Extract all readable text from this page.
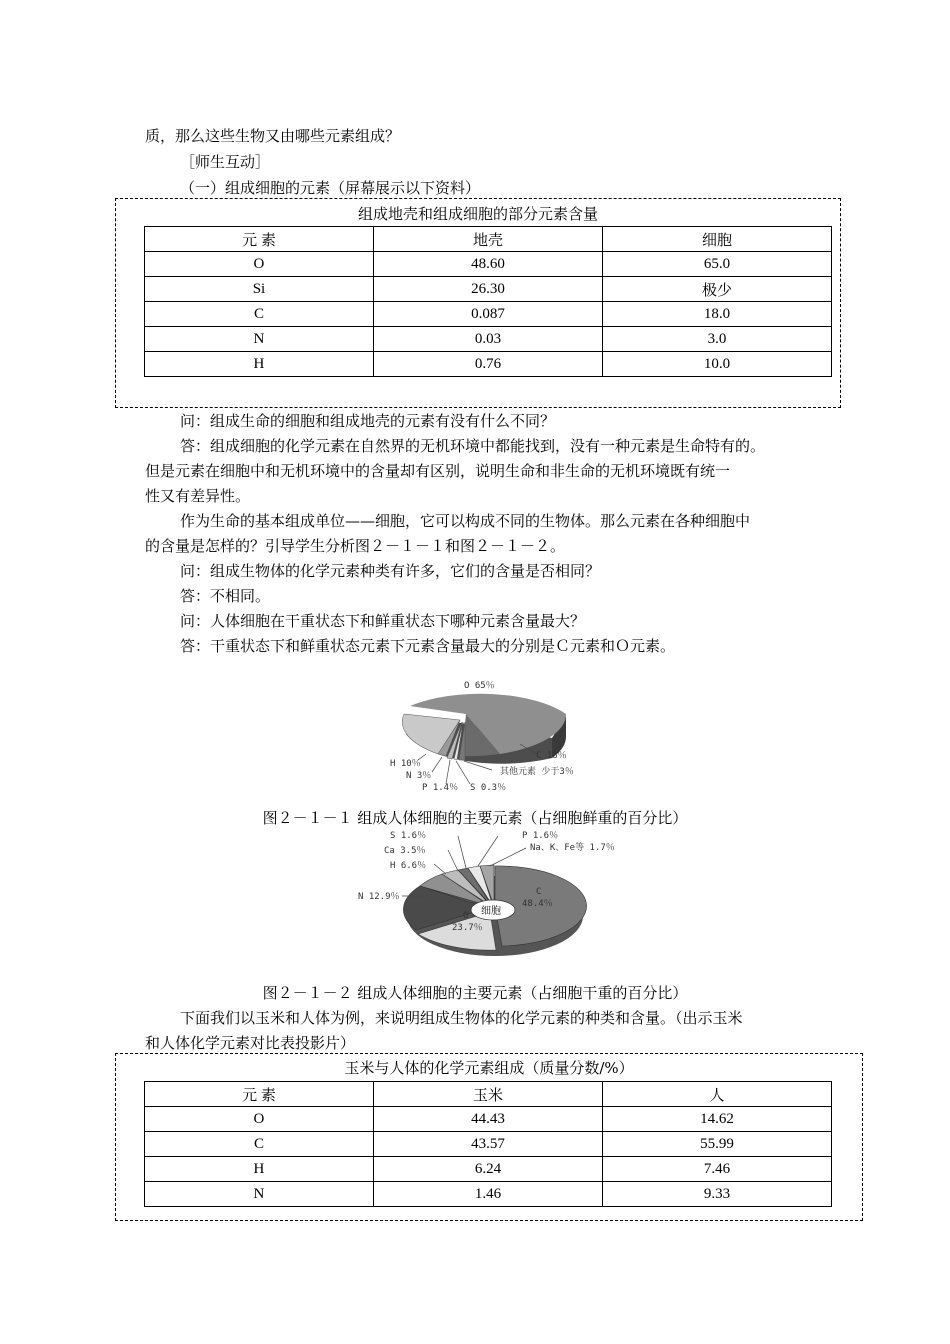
质，那么这些生物又由哪些元素组成？
［师生互动］
（一）组成细胞的元素（屏幕展示以下资料）
组成地壳和组成细胞的部分元素含量
元 素	地壳	细胞
O	48.60	65.0
Si	26.30	极少
C	0.087	18.0
N	0.03	3.0
H	0.76	10.0
问：组成生命的细胞和组成地壳的元素有没有什么不同？
答：组成细胞的化学元素在自然界的无机环境中都能找到，没有一种元素是生命特有的。
但是元素在细胞中和无机环境中的含量却有区别，说明生命和非生命的无机环境既有统一
性又有差异性。
作为生命的基本组成单位——细胞，它可以构成不同的生物体。那么元素在各种细胞中
的含量是怎样的？引导学生分析图２－１－１和图２－１－２。
问：组成生物体的化学元素种类有许多，它们的含量是否相同？
答：不相同。
问：人体细胞在干重状态下和鲜重状态下哪种元素含量最大？
答：干重状态下和鲜重状态元素下元素含量最大的分别是Ｃ元素和Ｏ元素。
O 65％
C 18％
H 10％
N 3％
P 1.4％ S 0.3％
其他元素 少于3％
图２－１－１ 组成人体细胞的主要元素（占细胞鲜重的百分比）
细胞
S 1.6％
Ca 3.5％
H 6.6％
N 12.9％
P 1.6％
Na、K、Fe等 1.7％
C
48.4％
O
23.7％
图２－１－２ 组成人体细胞的主要元素（占细胞干重的百分比）
下面我们以玉米和人体为例，来说明组成生物体的化学元素的种类和含量。（出示玉米
和人体化学元素对比表投影片）
玉米与人体的化学元素组成（质量分数/%）
元 素	玉米	人
O	44.43	14.62
C	43.57	55.99
H	6.24	7.46
N	1.46	9.33
